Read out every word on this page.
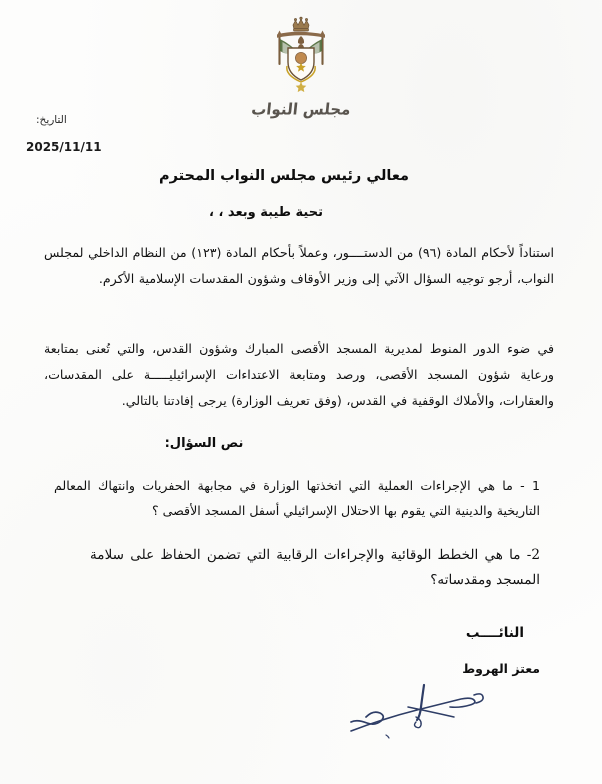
مجلس النواب
التاريخ:
2025/11/11
معالي رئيس مجلس النواب المحترم
تحية طيبة وبعد ، ،

استناداً لأحكام المادة (٩٦) من الدستــــور، وعملاً بأحكام المادة (١٢٣) من النظام الداخلي لمجلس النواب، أرجو توجيه السؤال الآتي إلى وزير الأوقاف وشؤون المقدسات الإسلامية الأكرم.

في ضوء الدور المنوط لمديرية المسجد الأقصى المبارك وشؤون القدس، والتي تُعنى بمتابعة ورعاية شؤون المسجد الأقصى، ورصد ومتابعة الاعتداءات الإسرائيليـــــة على المقدسات، والعقارات، والأملاك الوقفية في القدس، (وفق تعريف الوزارة) يرجى إفادتنا بالتالي.

نص السؤال:
1 - ما هي الإجراءات العملية التي اتخذتها الوزارة في مجابهة الحفريات وانتهاك المعالم التاريخية والدينية التي يقوم بها الاحتلال الإسرائيلي أسفل المسجد الأقصى ؟
2- ما هي الخطط الوقائية والإجراءات الرقابية التي تضمن الحفاظ على سلامة المسجد ومقدساته؟
النائــــب
معتز الهروط
